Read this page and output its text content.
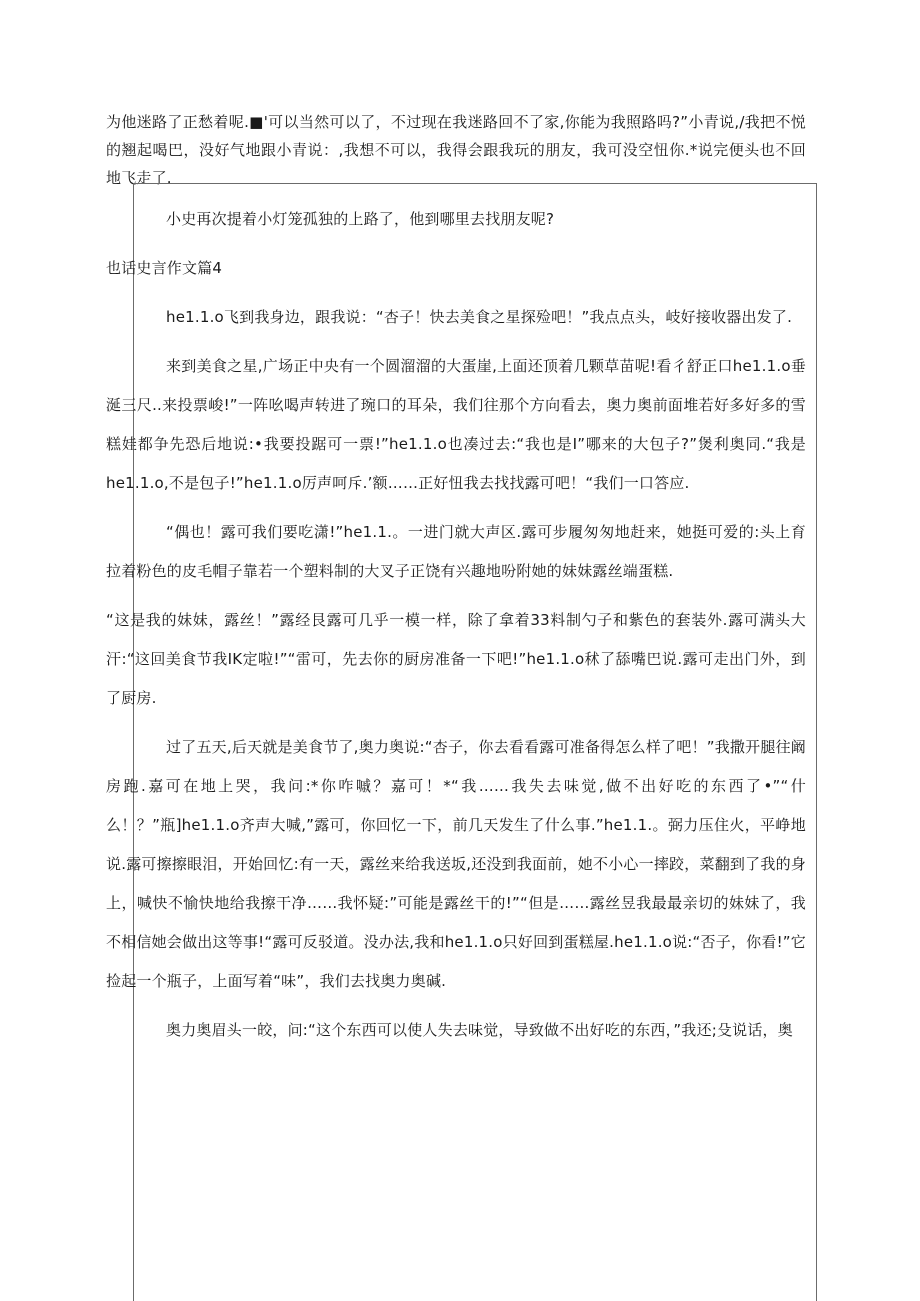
为他迷路了正愁着呢.■'可以当然可以了，不过现在我迷路回不了家,你能为我照路吗?”小青说,/我把不悦的翘起喝巴，没好气地跟小青说：,我想不可以，我得会跟我玩的朋友，我可没空忸你.*说完便头也不回地飞走了.

小史再次提着小灯笼孤独的上路了，他到哪里去找朋友呢?

也话史言作文篇4

he1.1.o飞到我身边，跟我说：“杏子！快去美食之星探殓吧！”我点点头，岐好接收器出发了.

来到美食之星,广场正中央有一个圆溜溜的大蛋崖,上面还顶着几颗草苗呢!看彳舒正口he1.1.o垂涎三尺..来投票峻!”一阵吆喝声转进了琬口的耳朵，我们往那个方向看去，奥力奥前面堆若好多好多的雪糕娃都争先恐后地说:•我要投踞可一票!”he1.1.o也凑过去:“我也是I”哪来的大包子?”煲利奥同.“我是he1.1.o,不是包子!”he1.1.o厉声呵斥.’额……正好忸我去找找露可吧！“我们一口答应.

“偶也！露可我们要吃潇!”he1.1.。一进门就大声区.露可步履匆匆地赶来，她挺可爱的:头上育拉着粉色的皮毛帽子靠若一个塑料制的大叉子正饶有兴趣地吩附她的妹妹露丝端蛋糕.

“这是我的妹妹，露丝！”露经艮露可几乎一模一样，除了拿着33料制勺子和紫色的套装外.露可满头大汗:“这回美食节我IK定啦!”“雷可，先去你的厨房准备一下吧!”he1.1.o秫了舔嘴巴说.露可走出门外，到了厨房.

过了五天,后天就是美食节了,奥力奥说:“杏子，你去看看露可准备得怎么样了吧！”我撒开腿往阚房跑.嘉可在地上哭，我问:*你咋嘁？嘉可！*“我……我失去味觉,做不出好吃的东西了•”“什么！？”瓶]he1.1.o齐声大喊,”露可，你回忆一下，前几天发生了什么事.”he1.1.。弼力压住火，平峥地说.露可擦擦眼泪，开始回忆:有一天，露丝来给我送坂,还没到我面前，她不小心一摔跤，菜翻到了我的身上，喊快不愉快地给我擦干净……我怀疑:”可能是露丝干的!”“但是……露丝昱我最最亲切的妹妹了，我不相信她会做出这等事!“露可反驳道。没办法,我和he1.1.o只好回到蛋糕屋.he1.1.o说:“否子，你看!”它捡起一个瓶子，上面写着“味”，我们去找奥力奥碱.

奥力奥眉头一皎，问:“这个东西可以使人失去味觉，导致做不出好吃的东西，”我还;殳说话，奥
